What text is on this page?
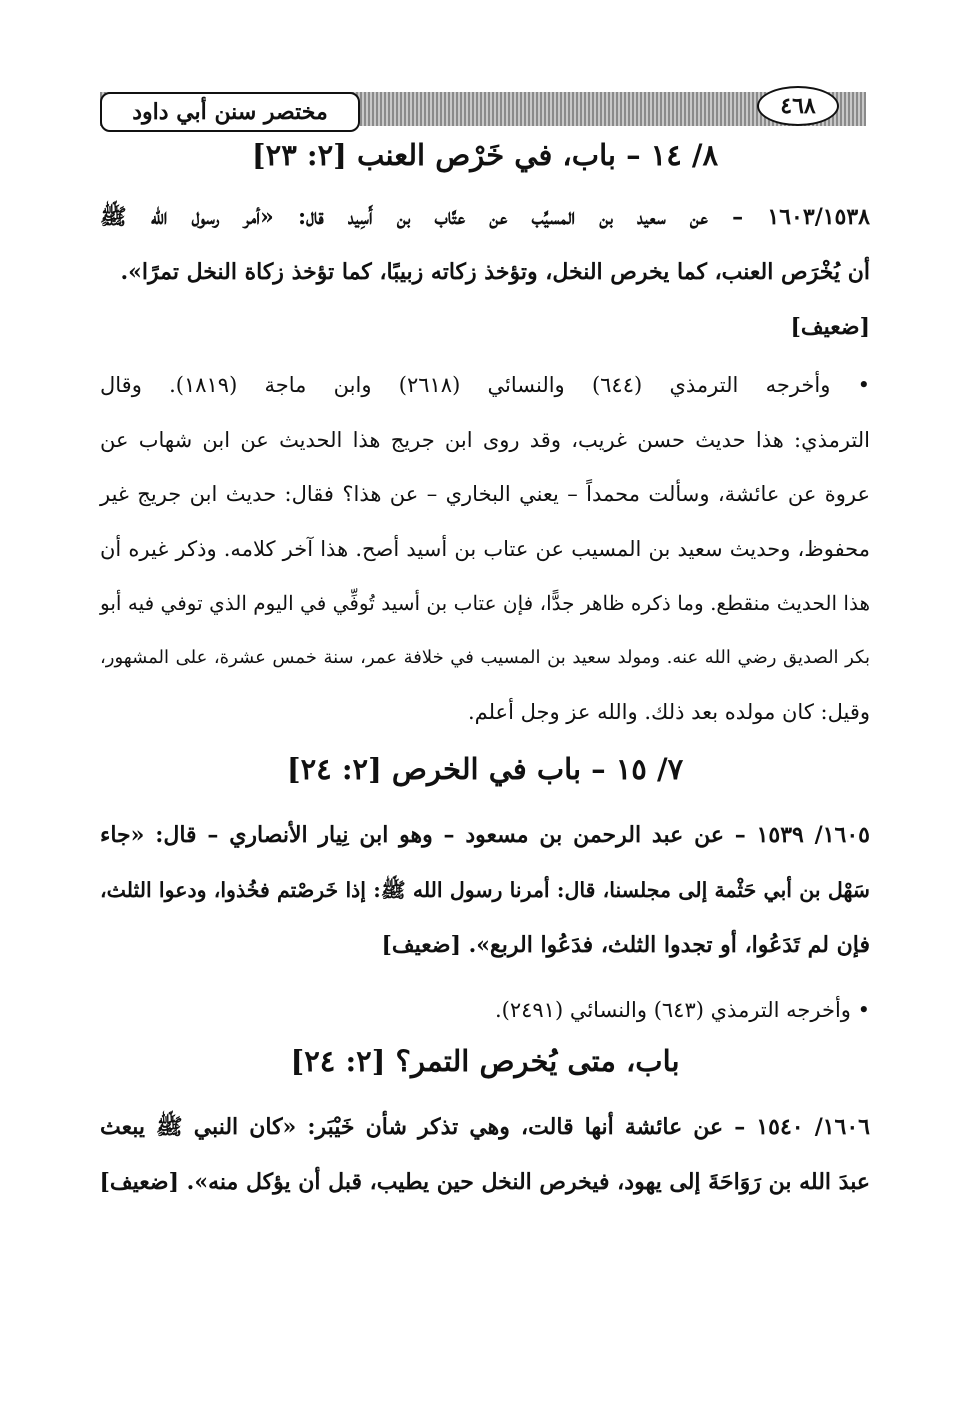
مختصر سنن أبي داود	٤٦٨
٨/ ١٤ – باب، في خَرْص العنب [٢: ٢٣]
١٦٠٣/١٥٣٨ – عن سعيد بن المسيِّب عن عتَّاب بن أَسِيد قال: «أمر رسول الله ﷺ
أن يُخْرَص العنب، كما يخرص النخل، وتؤخذ زكاته زبيبًا، كما تؤخذ زكاة النخل تمرًا».
[ضعيف]
• وأخرجه الترمذي (٦٤٤) والنسائي (٢٦١٨) وابن ماجة (١٨١٩). وقال
الترمذي: هذا حديث حسن غريب، وقد روى ابن جريج هذا الحديث عن ابن شهاب عن
عروة عن عائشة، وسألت محمداً – يعني البخاري – عن هذا؟ فقال: حديث ابن جريج غير
محفوظ، وحديث سعيد بن المسيب عن عتاب بن أسيد أصح. هذا آخر كلامه. وذكر غيره أن
هذا الحديث منقطع. وما ذكره ظاهر جدًّا، فإن عتاب بن أسيد تُوفِّي في اليوم الذي توفي فيه أبو
بكر الصديق رضي الله عنه. ومولد سعيد بن المسيب في خلافة عمر، سنة خمس عشرة، على المشهور،
وقيل: كان مولده بعد ذلك. والله عز وجل أعلم.
٧/ ١٥ – باب في الخرص [٢: ٢٤]
١٦٠٥/ ١٥٣٩ – عن عبد الرحمن بن مسعود – وهو ابن نِيار الأنصاري – قال: «جاء
سَهْل بن أبي حَثْمة إلى مجلسنا، قال: أمرنا رسول الله ﷺ: إذا خَرصْتم فخُذوا، ودعوا الثلث،
فإن لم تَدَعُوا، أو تجدوا الثلث، فدَعُوا الربع». [ضعيف]
• وأخرجه الترمذي (٦٤٣) والنسائي (٢٤٩١).
باب، متى يُخرص التمر؟ [٢: ٢٤]
١٦٠٦/ ١٥٤٠ – عن عائشة أنها قالت، وهي تذكر شأن خَيْبَر: «كان النبي ﷺ يبعث
عبدَ الله بن رَوَاحَةَ إلى يهود، فيخرص النخل حين يطيب، قبل أن يؤكل منه». [ضعيف]
